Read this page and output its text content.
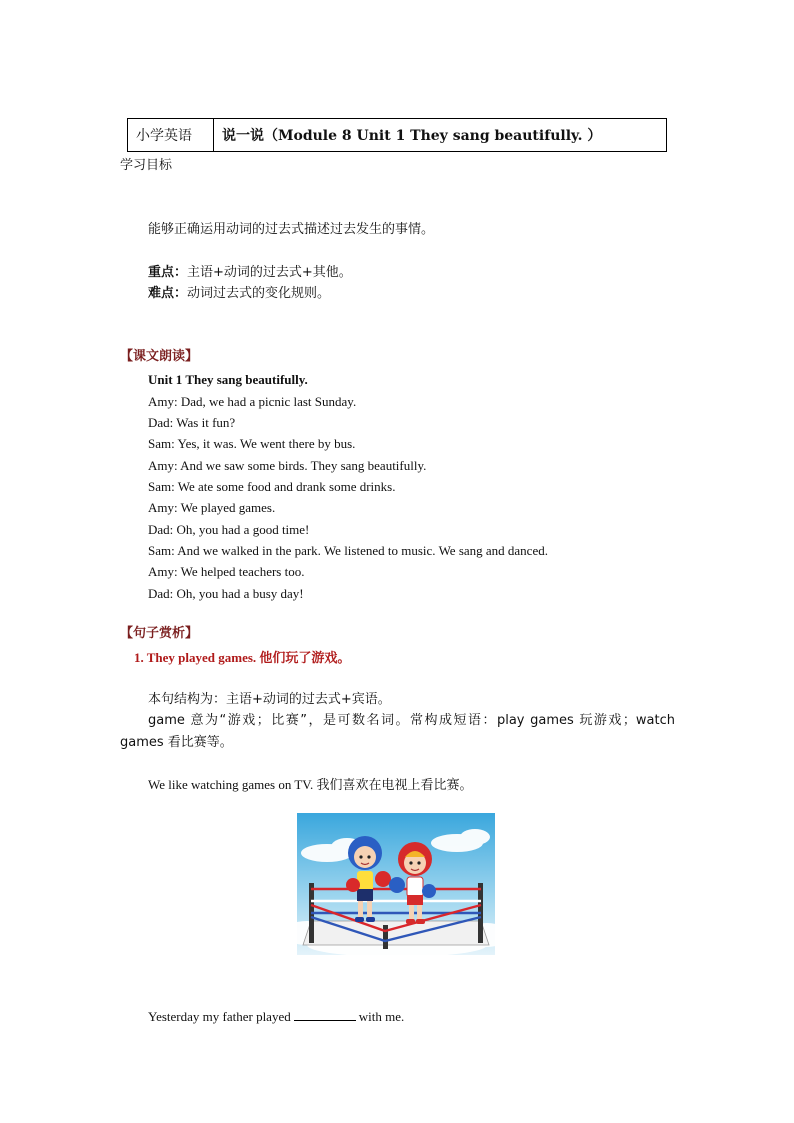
小学英语	说一说（Module 8 Unit 1 They sang beautifully. ）
学习目标
能够正确运用动词的过去式描述过去发生的事情。
重点：主语+动词的过去式+其他。
难点：动词过去式的变化规则。
【课文朗读】
Unit 1 They sang beautifully.
Amy: Dad, we had a picnic last Sunday.
Dad: Was it fun?
Sam: Yes, it was. We went there by bus.
Amy: And we saw some birds. They sang beautifully.
Sam: We ate some food and drank some drinks.
Amy: We played games.
Dad: Oh, you had a good time!
Sam: And we walked in the park. We listened to music. We sang and danced.
Amy: We helped teachers too.
Dad: Oh, you had a busy day!
【句子赏析】
1. They played games. 他们玩了游戏。
本句结构为：主语+动词的过去式+宾语。
game 意为“游戏；比赛”，是可数名词。常构成短语：play games 玩游戏；watch games 看比赛等。
We like watching games on TV. 我们喜欢在电视上看比赛。
Yesterday my father played	with me.
